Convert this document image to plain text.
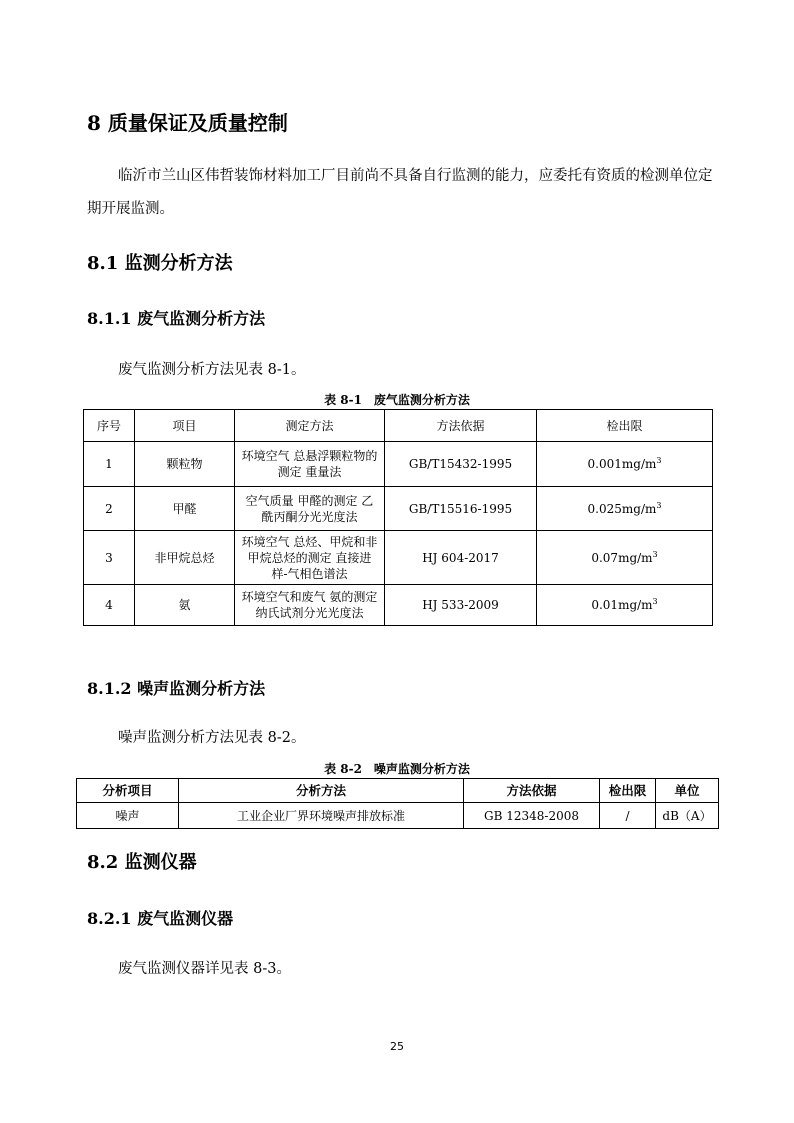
8 质量保证及质量控制
临沂市兰山区伟哲装饰材料加工厂目前尚不具备自行监测的能力，应委托有资质的检测单位定期开展监测。
8.1 监测分析方法
8.1.1 废气监测分析方法
废气监测分析方法见表 8-1。
表 8-1　废气监测分析方法
序号	项目	测定方法	方法依据	检出限
1	颗粒物	环境空气 总悬浮颗粒物的测定 重量法	GB/T15432-1995	$0.001mg/m^3$
2	甲醛	空气质量 甲醛的测定 乙酰丙酮分光光度法	GB/T15516-1995	$0.025mg/m^3$
3	非甲烷总烃	环境空气 总烃、甲烷和非甲烷总烃的测定 直接进样-气相色谱法	HJ 604-2017	$0.07mg/m^3$
4	氨	环境空气和废气 氨的测定 纳氏试剂分光光度法	HJ 533-2009	$0.01mg/m^3$
8.1.2 噪声监测分析方法
噪声监测分析方法见表 8-2。
表 8-2　噪声监测分析方法
分析项目	分析方法	方法依据	检出限	单位
噪声	工业企业厂界环境噪声排放标准	GB 12348-2008	/	dB（A）
8.2 监测仪器
8.2.1 废气监测仪器
废气监测仪器详见表 8-3。
25
